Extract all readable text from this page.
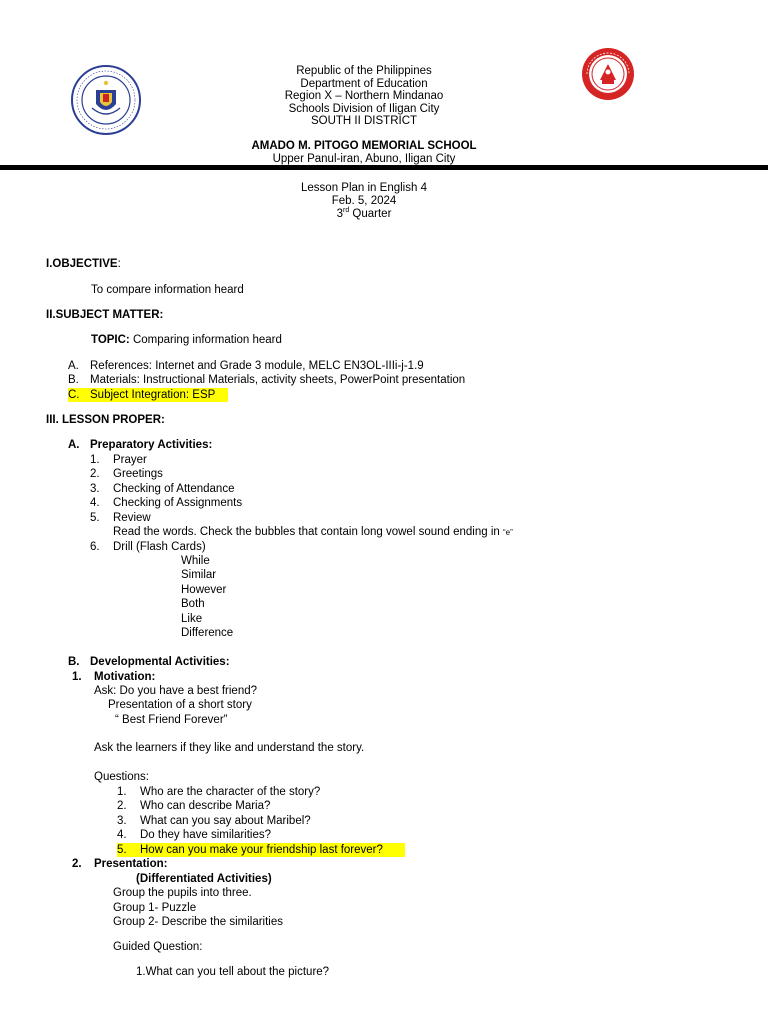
Republic of the Philippines
Department of Education
Region X – Northern Mindanao
Schools Division of Iligan City
SOUTH II DISTRICT
AMADO M. PITOGO MEMORIAL SCHOOL
Upper Panul-iran, Abuno, Iligan City
Lesson Plan in English 4
Feb. 5, 2024
3rd Quarter
I.OBJECTIVE:
To compare information heard
II.SUBJECT MATTER:
TOPIC: Comparing information heard
A. References: Internet and Grade 3 module, MELC EN3OL-IIIi-j-1.9
B. Materials: Instructional Materials, activity sheets, PowerPoint presentation
C. Subject Integration: ESP
III. LESSON PROPER:
A. Preparatory Activities:
1. Prayer
2. Greetings
3. Checking of Attendance
4. Checking of Assignments
5. Review
Read the words. Check the bubbles that contain long vowel sound ending in “e”
6. Drill (Flash Cards)
While
Similar
However
Both
Like
Difference
B. Developmental Activities:
1. Motivation:
Ask: Do you have a best friend?
Presentation of a short story
“ Best Friend Forever”
Ask the learners if they like and understand the story.
Questions:
1. Who are the character of the story?
2. Who can describe Maria?
3. What can you say about Maribel?
4. Do they have similarities?
5. How can you make your friendship last forever?
2. Presentation:
(Differentiated Activities)
Group the pupils into three.
Group 1- Puzzle
Group 2- Describe the similarities
Guided Question:
1.What can you tell about the picture?
